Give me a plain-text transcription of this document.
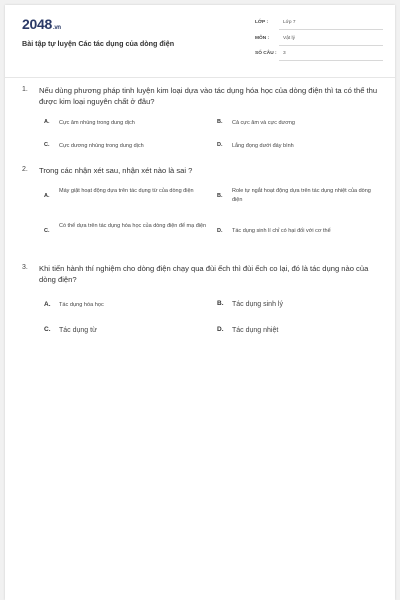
2048.vn
Bài tập tự luyện Các tác dụng của dòng điện
LỚP :	Lớp 7
MÔN :	Vật lý
SỐ CÂU : 3
1. Nếu dùng phương pháp tinh luyện kim loại dựa vào tác dụng hóa học của dòng điện thì ta có thể thu được kim loại nguyên chất ở đâu?
A. Cực âm nhúng trong dung dịch	B. Cả cực âm và cực dương
C. Cực dương nhúng trong dung dịch	D. Lắng đọng dưới đáy bình
2. Trong các nhận xét sau, nhận xét nào là sai ?
A.
Máy giặt hoạt động dựa trên tác dụng từ của dòng điện
B.
Role tự ngắt hoạt động dựa trên tác dụng nhiệt của dòng điện
C.
Có thể dựa trên tác dụng hóa học của dòng điện để mạ điện
D. Tác dụng sinh lí chỉ có hại đối với cơ thể
3. Khi tiến hành thí nghiệm cho dòng điện chạy qua đùi ếch thì đùi ếch co lại, đó là tác dụng nào của dòng điện?
A. Tác dụng hóa học	B. Tác dụng sinh lý
C. Tác dụng từ	D. Tác dụng nhiệt
